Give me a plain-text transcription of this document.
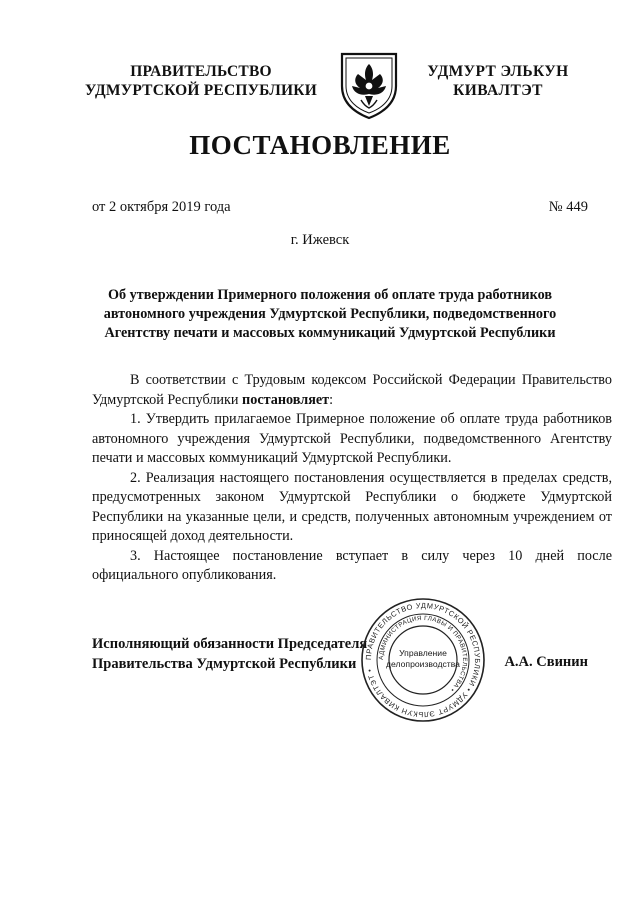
ПРАВИТЕЛЬСТВО
УДМУРТСКОЙ РЕСПУБЛИКИ
УДМУРТ ЭЛЬКУН
КИВАЛТЭТ
ПОСТАНОВЛЕНИЕ
от 2 октября 2019 года	№ 449
г. Ижевск
Об утверждении Примерного положения об оплате труда работников
автономного учреждения Удмуртской Республики, подведомственного
Агентству печати и массовых коммуникаций Удмуртской Республики

В соответствии с Трудовым кодексом Российской Федерации Правительство Удмуртской Республики постановляет:

1. Утвердить прилагаемое Примерное положение об оплате труда работников автономного учреждения Удмуртской Республики, подведомственного Агентству печати и массовых коммуникаций Удмуртской Республики.

2. Реализация настоящего постановления осуществляется в пределах средств, предусмотренных законом Удмуртской Республики о бюджете Удмуртской Республики на указанные цели, и средств, полученных автономным учреждением от приносящей доход деятельности.

3. Настоящее постановление вступает в силу через 10 дней после официального опубликования.

Исполняющий обязанности Председателя
Правительства Удмуртской Республики	ПРАВИТЕЛЬСТВО УДМУРТСКОЙ РЕСПУБЛИКИ • УДМУРТ ЭЛЬКУН КИВАЛТЭТ •
АДМИНИСТРАЦИЯ ГЛАВЫ И ПРАВИТЕЛЬСТВА •
Управление
делопроизводства	А.А. Свинин
